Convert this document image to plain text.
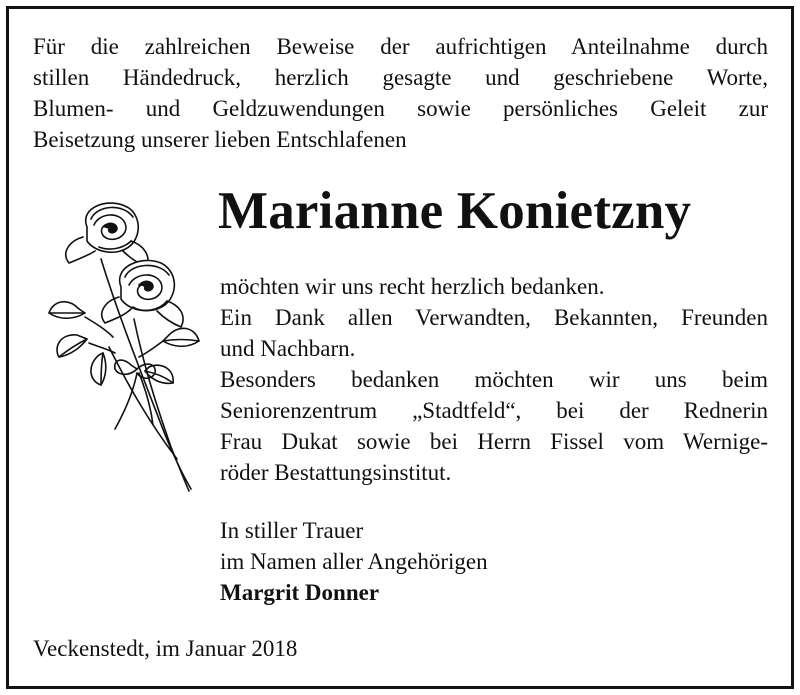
Für die zahlreichen Beweise der aufrichtigen Anteilnahme durch
stillen Händedruck, herzlich gesagte und geschriebene Worte,
Blumen- und Geldzuwendungen sowie persönliches Geleit zur
Beisetzung unserer lieben Entschlafenen

Marianne Konietzny

möchten wir uns recht herzlich bedanken.
Ein Dank allen Verwandten, Bekannten, Freunden
und Nachbarn.
Besonders bedanken möchten wir uns beim
Seniorenzentrum „Stadtfeld“, bei der Rednerin
Frau Dukat sowie bei Herrn Fissel vom Wernige-
röder Bestattungsinstitut.

In stiller Trauer
im Namen aller Angehörigen
Margrit Donner

Veckenstedt, im Januar 2018
